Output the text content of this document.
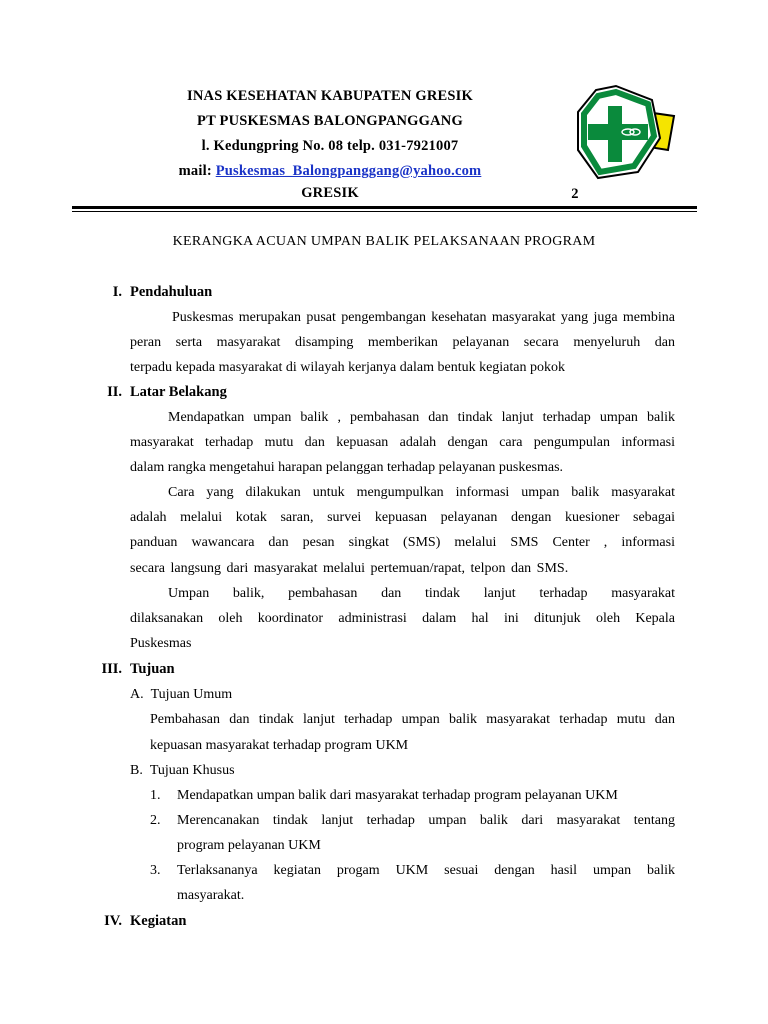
INAS KESEHATAN KABUPATEN GRESIK
PT PUSKESMAS BALONGPANGGANG
l. Kedungpring No. 08 telp. 031-7921007
mail: Puskesmas_Balongpanggang@yahoo.com
2
GRESIK
KERANGKA ACUAN UMPAN BALIK PELAKSANAAN PROGRAM
I. Pendahuluan
Puskesmas merupakan pusat pengembangan kesehatan masyarakat yang juga membina
peran serta masyarakat disamping memberikan pelayanan secara menyeluruh dan
terpadu kepada masyarakat di wilayah kerjanya dalam bentuk kegiatan pokok
II. Latar Belakang
Mendapatkan umpan balik , pembahasan dan tindak lanjut terhadap umpan balik
masyarakat terhadap mutu dan kepuasan adalah dengan cara pengumpulan informasi
dalam rangka mengetahui harapan pelanggan terhadap pelayanan puskesmas.
Cara yang dilakukan untuk mengumpulkan informasi umpan balik masyarakat
adalah melalui kotak saran, survei kepuasan pelayanan dengan kuesioner sebagai
panduan wawancara dan pesan singkat (SMS) melalui SMS Center , informasi
secara langsung dari masyarakat melalui pertemuan/rapat, telpon dan SMS.
Umpan balik, pembahasan dan tindak lanjut terhadap masyarakat
dilaksanakan oleh koordinator administrasi dalam hal ini ditunjuk oleh Kepala
Puskesmas
III. Tujuan
A. Tujuan Umum
Pembahasan dan tindak lanjut terhadap umpan balik masyarakat terhadap mutu dan
kepuasan masyarakat terhadap program UKM
B. Tujuan Khusus
1. Mendapatkan umpan balik dari masyarakat terhadap program pelayanan UKM
2. Merencanakan tindak lanjut terhadap umpan balik dari masyarakat tentang
program pelayanan UKM
3. Terlaksananya kegiatan progam UKM sesuai dengan hasil umpan balik
masyarakat.
IV. Kegiatan
